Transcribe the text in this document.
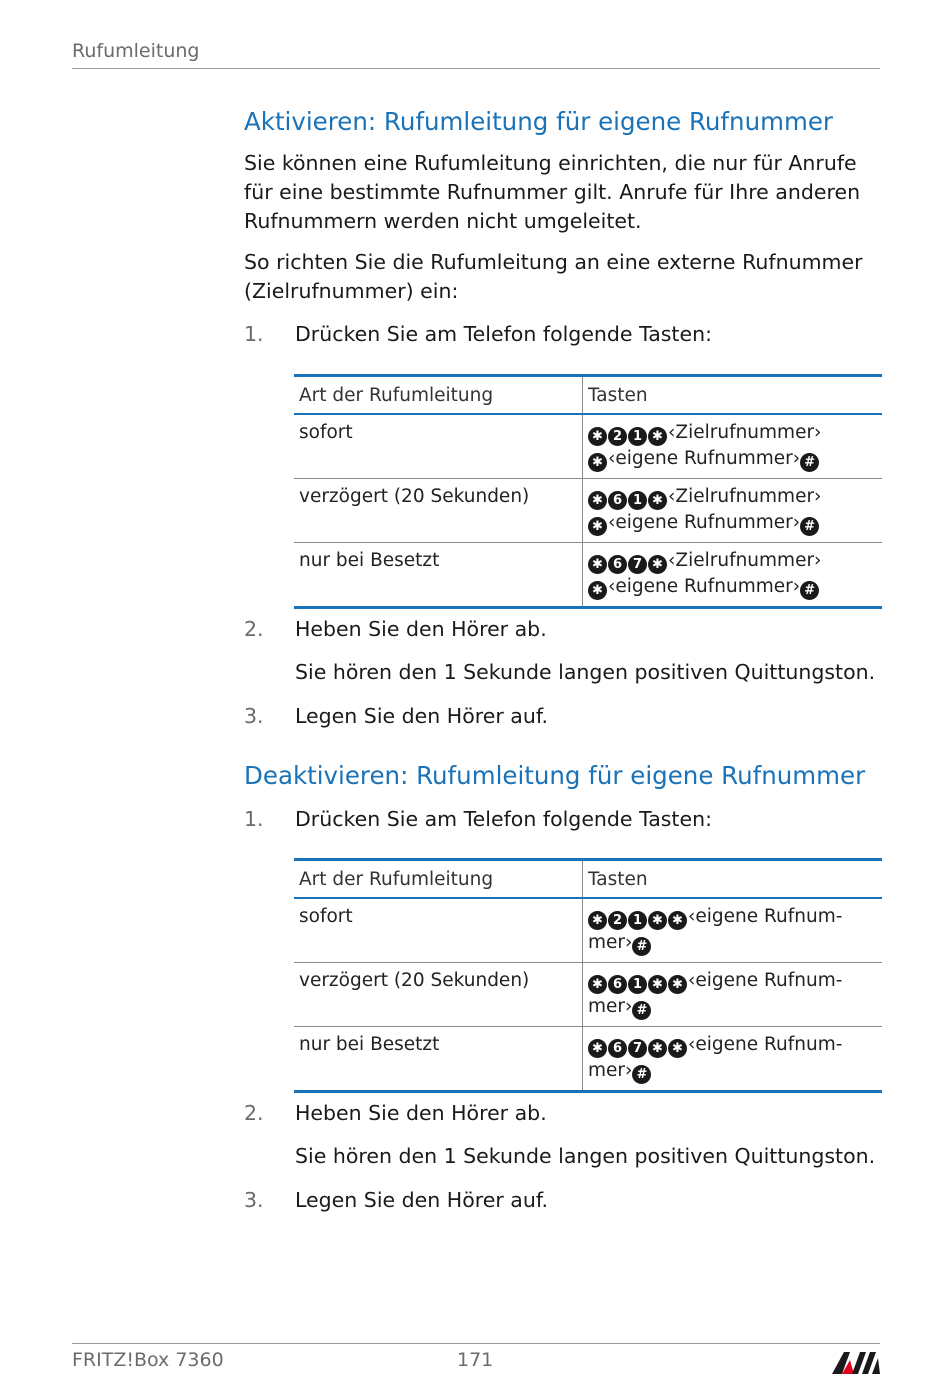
Rufumleitung
Aktivieren: Rufumleitung für eigene Rufnummer

Sie können eine Rufumleitung einrichten, die nur für Anrufe für eine bestimmte Rufnummer gilt. Anrufe für Ihre anderen Rufnummern werden nicht umgeleitet.

So richten Sie die Rufumleitung an eine externe Rufnummer (Zielrufnummer) ein:

1. Drücken Sie am Telefon folgende Tasten:
Art der Rufumleitung	Tasten
sofort	✱ 2 1 ✱ ‹Zielrufnummer›
✱ ‹eigene Rufnummer› #
verzögert (20 Sekunden)	✱ 6 1 ✱ ‹Zielrufnummer›
✱ ‹eigene Rufnummer› #
nur bei Besetzt	✱ 6 7 ✱ ‹Zielrufnummer›
✱ ‹eigene Rufnummer› #
2. Heben Sie den Hörer ab.
Sie hören den 1 Sekunde langen positiven Quittungston.
3. Legen Sie den Hörer auf.
Deaktivieren: Rufumleitung für eigene Rufnummer
1. Drücken Sie am Telefon folgende Tasten:
Art der Rufumleitung	Tasten
sofort	✱ 2 1 ✱ ✱ ‹eigene Rufnum-
mer› #
verzögert (20 Sekunden)	✱ 6 1 ✱ ✱ ‹eigene Rufnum-
mer› #
nur bei Besetzt	✱ 6 7 ✱ ✱ ‹eigene Rufnum-
mer› #
2. Heben Sie den Hörer ab.
Sie hören den 1 Sekunde langen positiven Quittungston.
3. Legen Sie den Hörer auf.
FRITZ!Box 7360	171
